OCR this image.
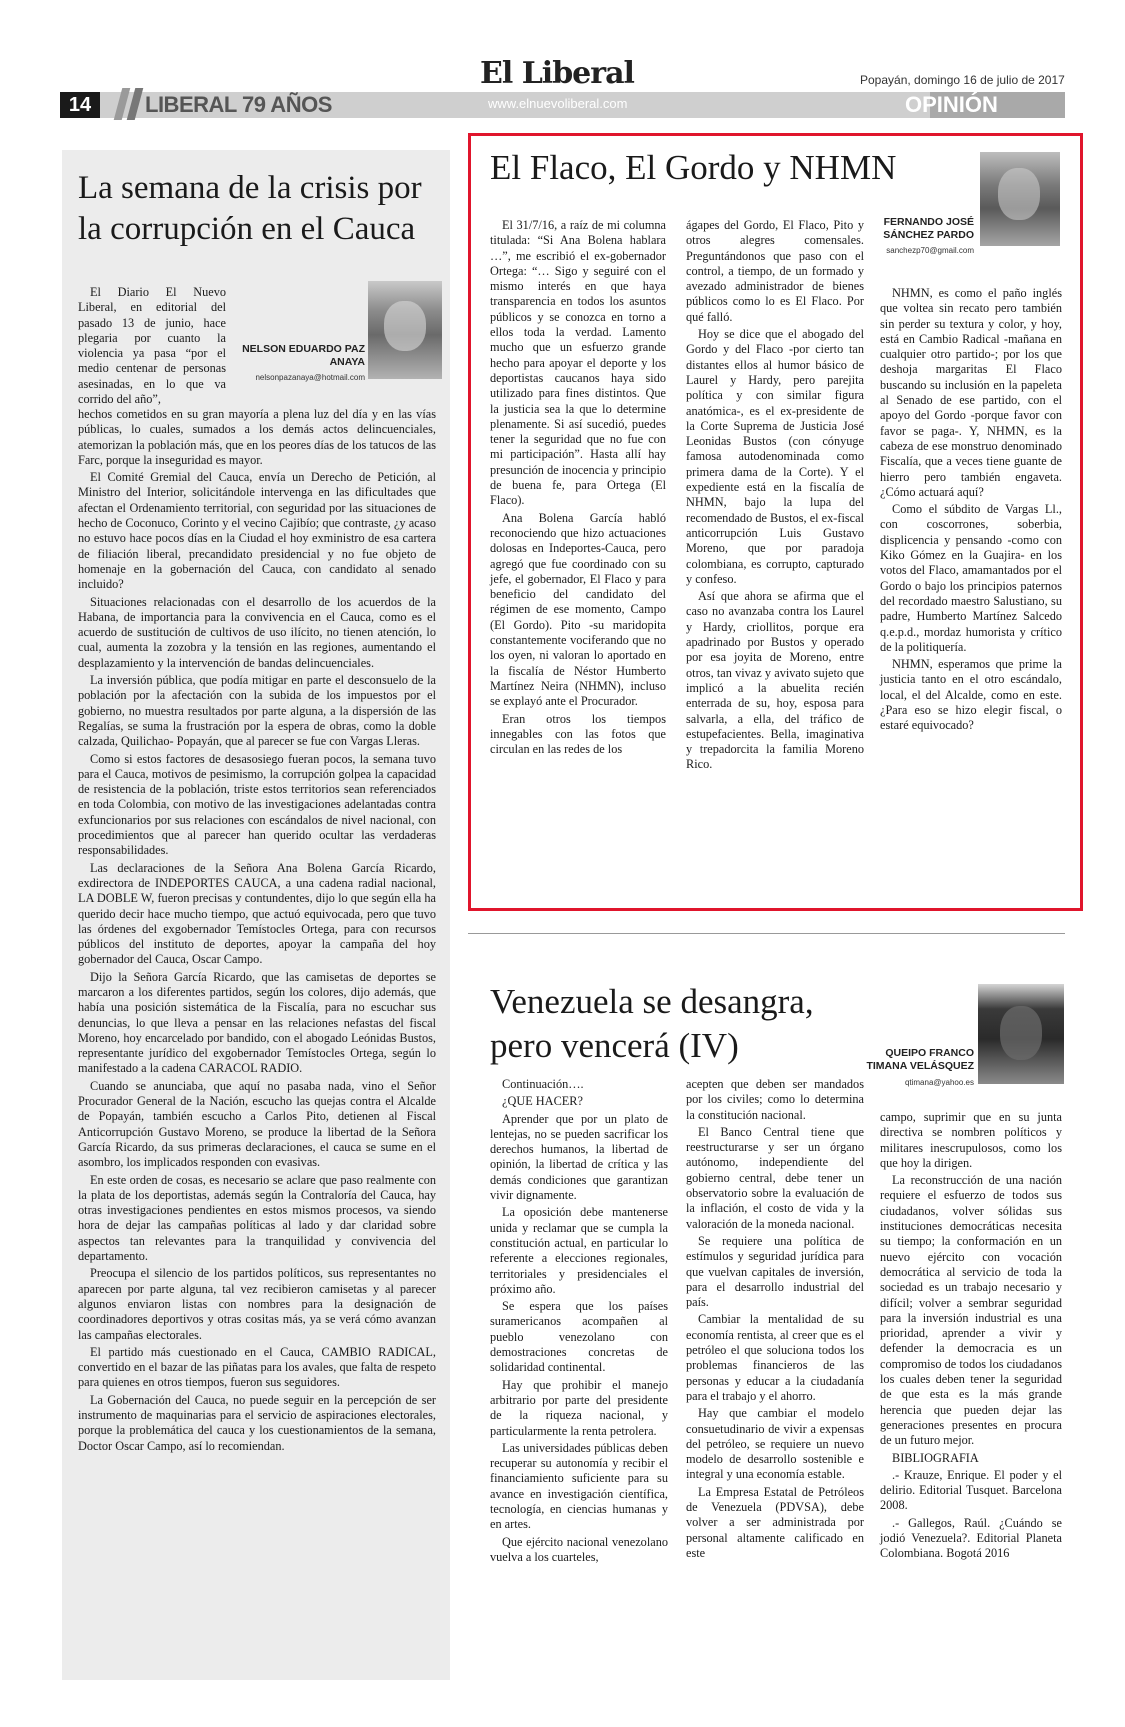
El Liberal	Popayán, domingo 16 de julio de 2017
14	LIBERAL 79 AÑOS	www.elnuevoliberal.com	OPINIÓN
La semana de la crisis por la corrupción en el Cauca
NELSON EDUARDO PAZ ANAYA
nelsonpazanaya@hotmail.com
El Diario El Nuevo Liberal, en editorial del pasado 13 de junio, hace plegaria por cuanto la violencia ya pasa “por el medio centenar de personas asesinadas, en lo que va corrido del año”,

hechos cometidos en su gran mayoría a plena luz del día y en las vías públicas, lo cuales, sumados a los demás actos delincuenciales, atemorizan la población más, que en los peores días de los tatucos de las Farc, porque la inseguridad es mayor.

El Comité Gremial del Cauca, envía un Derecho de Petición, al Ministro del Interior, solicitándole intervenga en las dificultades que afectan el Ordenamiento territorial, con seguridad por las situaciones de hecho de Coconuco, Corinto y el vecino Cajibío; que contraste, ¿y acaso no estuvo hace pocos días en la Ciudad el hoy exministro de esa cartera de filiación liberal, precandidato presidencial y no fue objeto de homenaje en la gobernación del Cauca, con candidato al senado incluido?

Situaciones relacionadas con el desarrollo de los acuerdos de la Habana, de importancia para la convivencia en el Cauca, como es el acuerdo de sustitución de cultivos de uso ilícito, no tienen atención, lo cual, aumenta la zozobra y la tensión en las regiones, aumentando el desplazamiento y la intervención de bandas delincuenciales.

La inversión pública, que podía mitigar en parte el desconsuelo de la población por la afectación con la subida de los impuestos por el gobierno, no muestra resultados por parte alguna, a la dispersión de las Regalías, se suma la frustración por la espera de obras, como la doble calzada, Quilichao- Popayán, que al parecer se fue con Vargas Lleras.

Como si estos factores de desasosiego fueran pocos, la semana tuvo para el Cauca, motivos de pesimismo, la corrupción golpea la capacidad de resistencia de la población, triste estos territorios sean referenciados en toda Colombia, con motivo de las investigaciones adelantadas contra exfuncionarios por sus relaciones con escándalos de nivel nacional, con procedimientos que al parecer han querido ocultar las verdaderas responsabilidades.

Las declaraciones de la Señora Ana Bolena García Ricardo, exdirectora de INDEPORTES CAUCA, a una cadena radial nacional, LA DOBLE W, fueron precisas y contundentes, dijo lo que según ella ha querido decir hace mucho tiempo, que actuó equivocada, pero que tuvo las órdenes del exgobernador Temístocles Ortega, para con recursos públicos del instituto de deportes, apoyar la campaña del hoy gobernador del Cauca, Oscar Campo.

Dijo la Señora García Ricardo, que las camisetas de deportes se marcaron a los diferentes partidos, según los colores, dijo además, que había una posición sistemática de la Fiscalía, para no escuchar sus denuncias, lo que lleva a pensar en las relaciones nefastas del fiscal Moreno, hoy encarcelado por bandido, con el abogado Leónidas Bustos, representante jurídico del exgobernador Temístocles Ortega, según lo manifestado a la cadena CARACOL RADIO.

Cuando se anunciaba, que aquí no pasaba nada, vino el Señor Procurador General de la Nación, escucho las quejas contra el Alcalde de Popayán, también escucho a Carlos Pito, detienen al Fiscal Anticorrupción Gustavo Moreno, se produce la libertad de la Señora García Ricardo, da sus primeras declaraciones, el cauca se sume en el asombro, los implicados responden con evasivas.

En este orden de cosas, es necesario se aclare que paso realmente con la plata de los deportistas, además según la Contraloría del Cauca, hay otras investigaciones pendientes en estos mismos procesos, va siendo hora de dejar las campañas políticas al lado y dar claridad sobre aspectos tan relevantes para la tranquilidad y convivencia del departamento.

Preocupa el silencio de los partidos políticos, sus representantes no aparecen por parte alguna, tal vez recibieron camisetas y al parecer algunos enviaron listas con nombres para la designación de coordinadores deportivos y otras cositas más, ya se verá cómo avanzan las campañas electorales.

El partido más cuestionado en el Cauca, CAMBIO RADICAL, convertido en el bazar de las piñatas para los avales, que falta de respeto para quienes en otros tiempos, fueron sus seguidores.

La Gobernación del Cauca, no puede seguir en la percepción de ser instrumento de maquinarias para el servicio de aspiraciones electorales, porque la problemática del cauca y los cuestionamientos de la semana, Doctor Oscar Campo, así lo recomiendan.

El Flaco, El Gordo y NHMN
FERNANDO JOSÉ SÁNCHEZ PARDO
sanchezp70@gmail.com

El 31/7/16, a raíz de mi columna titulada: “Si Ana Bolena hablara …”, me escribió el ex-gobernador Ortega: “… Sigo y seguiré con el mismo interés en que haya transparencia en todos los asuntos públicos y se conozca en torno a ellos toda la verdad. Lamento mucho que un esfuerzo grande hecho para apoyar el deporte y los deportistas caucanos haya sido utilizado para fines distintos. Que la justicia sea la que lo determine plenamente. Si así sucedió, puedes tener la seguridad que no fue con mi participación”. Hasta allí hay presunción de inocencia y principio de buena fe, para Ortega (El Flaco).

Ana Bolena García habló reconociendo que hizo actuaciones dolosas en Indeportes-Cauca, pero agregó que fue coordinado con su jefe, el gobernador, El Flaco y para beneficio del candidato del régimen de ese momento, Campo (El Gordo). Pito -su maridopita constantemente vociferando que no los oyen, ni valoran lo aportado en la fiscalía de Néstor Humberto Martínez Neira (NHMN), incluso se explayó ante el Procurador.

Eran otros los tiempos innegables con las fotos que circulan en las redes de los

ágapes del Gordo, El Flaco, Pito y otros alegres comensales. Preguntándonos que paso con el control, a tiempo, de un formado y avezado administrador de bienes públicos como lo es El Flaco. Por qué falló.

Hoy se dice que el abogado del Gordo y del Flaco -por cierto tan distantes ellos al humor básico de Laurel y Hardy, pero parejita política y con similar figura anatómica-, es el ex-presidente de la Corte Suprema de Justicia José Leonidas Bustos (con cónyuge famosa autodenominada como primera dama de la Corte). Y el expediente está en la fiscalía de NHMN, bajo la lupa del recomendado de Bustos, el ex-fiscal anticorrupción Luis Gustavo Moreno, que por paradoja colombiana, es corrupto, capturado y confeso.

Así que ahora se afirma que el caso no avanzaba contra los Laurel y Hardy, criollitos, porque era apadrinado por Bustos y operado por esa joyita de Moreno, entre otros, tan vivaz y avivato sujeto que implicó a la abuelita recién enterrada de su, hoy, esposa para salvarla, a ella, del tráfico de estupefacientes. Bella, imaginativa y trepadorcita la familia Moreno Rico.

NHMN, es como el paño inglés que voltea sin recato pero también sin perder su textura y color, y hoy, está en Cambio Radical -mañana en cualquier otro partido-; por los que deshoja margaritas El Flaco buscando su inclusión en la papeleta al Senado de ese partido, con el apoyo del Gordo -porque favor con favor se paga-. Y, NHMN, es la cabeza de ese monstruo denominado Fiscalía, que a veces tiene guante de hierro pero también engaveta. ¿Cómo actuará aquí?

Como el súbdito de Vargas Ll., con coscorrones, soberbia, displicencia y pensando -como con Kiko Gómez en la Guajira- en los votos del Flaco, amamantados por el Gordo o bajo los principios paternos del recordado maestro Salustiano, su padre, Humberto Martínez Salcedo q.e.p.d., mordaz humorista y crítico de la politiquería.

NHMN, esperamos que prime la justicia tanto en el otro escándalo, local, el del Alcalde, como en este. ¿Para eso se hizo elegir fiscal, o estaré equivocado?

Venezuela se desangra, pero vencerá (IV)	QUEIPO FRANCO TIMANA VELÁSQUEZ
qtimana@yahoo.es

Continuación….

¿QUE HACER?

Aprender que por un plato de lentejas, no se pueden sacrificar los derechos humanos, la libertad de opinión, la libertad de crítica y las demás condiciones que garantizan vivir dignamente.

La oposición debe mantenerse unida y reclamar que se cumpla la constitución actual, en particular lo referente a elecciones regionales, territoriales y presidenciales el próximo año.

Se espera que los países suramericanos acompañen al pueblo venezolano con demostraciones concretas de solidaridad continental.

Hay que prohibir el manejo arbitrario por parte del presidente de la riqueza nacional, y particularmente la renta petrolera.

Las universidades públicas deben recuperar su autonomía y recibir el financiamiento suficiente para su avance en investigación científica, tecnología, en ciencias humanas y en artes.

Que ejército nacional venezolano vuelva a los cuarteles,

acepten que deben ser mandados por los civiles; como lo determina la constitución nacional.

El Banco Central tiene que reestructurarse y ser un órgano autónomo, independiente del gobierno central, debe tener un observatorio sobre la evaluación de la inflación, el costo de vida y la valoración de la moneda nacional.

Se requiere una política de estímulos y seguridad jurídica para que vuelvan capitales de inversión, para el desarrollo industrial del país.

Cambiar la mentalidad de su economía rentista, al creer que es el petróleo el que soluciona todos los problemas financieros de las personas y educar a la ciudadanía para el trabajo y el ahorro.

Hay que cambiar el modelo consuetudinario de vivir a expensas del petróleo, se requiere un nuevo modelo de desarrollo sostenible e integral y una economía estable.

La Empresa Estatal de Petróleos de Venezuela (PDVSA), debe volver a ser administrada por personal altamente calificado en este

campo, suprimir que en su junta directiva se nombren políticos y militares inescrupulosos, como los que hoy la dirigen.

La reconstrucción de una nación requiere el esfuerzo de todos sus ciudadanos, volver sólidas sus instituciones democráticas necesita su tiempo; la conformación en un nuevo ejército con vocación democrática al servicio de toda la sociedad es un trabajo necesario y difícil; volver a sembrar seguridad para la inversión industrial es una prioridad, aprender a vivir y defender la democracia es un compromiso de todos los ciudadanos los cuales deben tener la seguridad de que esta es la más grande herencia que pueden dejar las generaciones presentes en procura de un futuro mejor.

BIBLIOGRAFIA

.- Krauze, Enrique. El poder y el delirio. Editorial Tusquet. Barcelona 2008.

.- Gallegos, Raúl. ¿Cuándo se jodió Venezuela?. Editorial Planeta Colombiana. Bogotá 2016
